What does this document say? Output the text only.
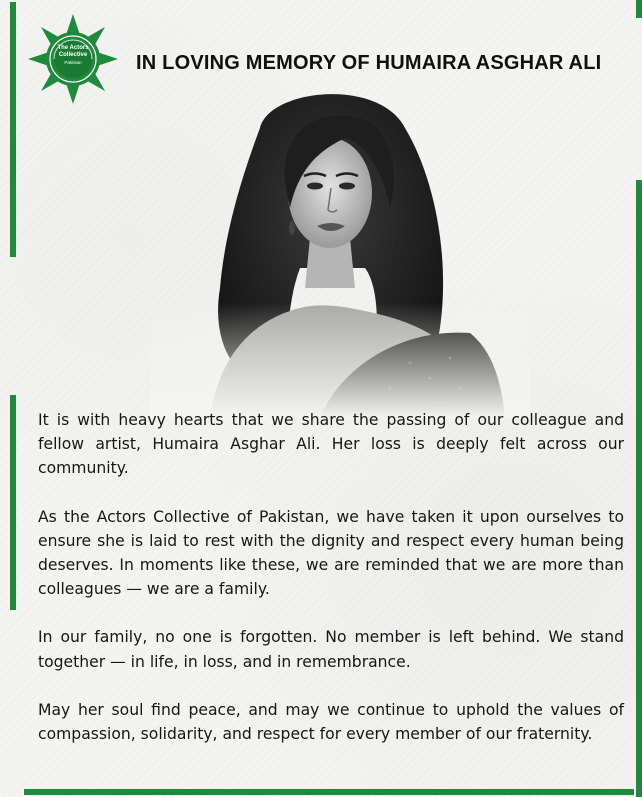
The Actors
Collective
Pakistan	IN LOVING MEMORY OF HUMAIRA ASGHAR ALI

It is with heavy hearts that we share the passing of our colleague and fellow artist, Humaira Asghar Ali. Her loss is deeply felt across our community.

As the Actors Collective of Pakistan, we have taken it upon ourselves to ensure she is laid to rest with the dignity and respect every human being deserves. In moments like these, we are reminded that we are more than colleagues — we are a family.

In our family, no one is forgotten. No member is left behind. We stand together — in life, in loss, and in remembrance.

May her soul find peace, and may we continue to uphold the values of compassion, solidarity, and respect for every member of our fraternity.
